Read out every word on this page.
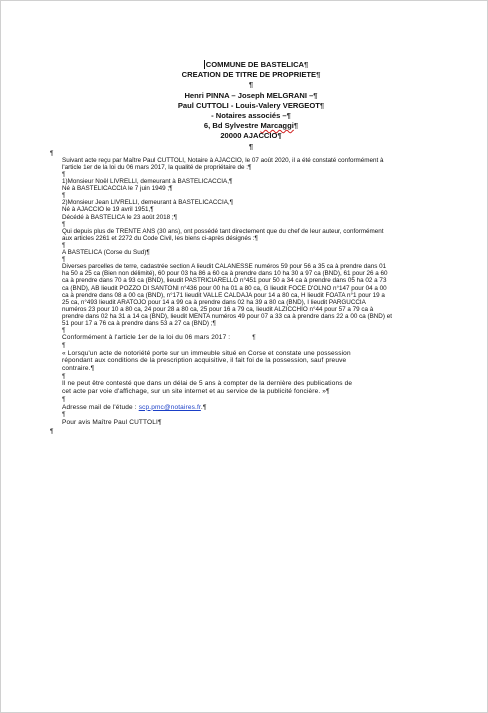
COMMUNE DE BASTELICA¶
CREATION DE TITRE DE PROPRIETE¶
¶
Henri PINNA – Joseph MELGRANI –¶
Paul CUTTOLI - Louis-Valery VERGEOT¶
- Notaires associés –¶
6, Bd Sylvestre Marcaggi¶
20000 AJACCIO¶
¶
¶
Suivant acte reçu par Maître Paul CUTTOLI, Notaire à AJACCIO, le 07 août 2020, il a été constaté conformément à
l'article 1er de la loi du 06 mars 2017, la qualité de propriétaire de :¶
¶
1)Monsieur Noël LIVRELLI, demeurant à BASTELICACCIA,¶
Né à BASTELICACCIA le 7 juin 1949 ;¶
¶
2)Monsieur Jean LIVRELLI, demeurant à BASTELICACCIA,¶
Né à AJACCIO le 19 avril 1951,¶
Décédé à BASTELICA le 23 août 2018 ;¶
¶
Qui depuis plus de TRENTE ANS (30 ans), ont possédé tant directement que du chef de leur auteur, conformément
aux articles 2261 et 2272 du Code Civil, les biens ci-après désignés :¶
¶
A BASTELICA (Corse du Sud)¶
¶
Diverses parcelles de terre, cadastrée section A lieudit CALANESSE numéros 59 pour 56 a 35 ca à prendre dans 01
ha 50 a 25 ca (Bien non délimité), 60 pour 03 ha 86 a 60 ca à prendre dans 10 ha 30 a 97 ca (BND), 61 pour 26 a 60
ca à prendre dans 70 a 93 ca (BND), lieudit PASTRICIARELLO n°451 pour 50 a 34 ca à prendre dans 05 ha 02 a 73
ca (BND), AB lieudit POZZO DI SANTONI n°436 pour 00 ha 01 a 80 ca, G lieudit FOCE D'OLNO n°147 pour 04 a 00
ca à prendre dans 08 a 00 ca (BND), n°171 lieudit VALLE CALDAJA pour 14 a 80 ca, H lieudit FOATA n°1 pour 19 a
25 ca, n°493 lieudit ARATOJO pour 14 a 99 ca à prendre dans 02 ha 39 a 80 ca (BND), I lieudit PARGUCCIA
numéros 23 pour 10 a 80 ca, 24 pour 28 a 80 ca, 25 pour 16 a 79 ca, lieudit ALZICCHIO n°44 pour 57 a 79 ca à
prendre dans 02 ha 31 a 14 ca (BND), lieudit MENTA numéros 49 pour 07 a 33 ca à prendre dans 22 a 00 ca (BND) et
51 pour 17 a 76 ca à prendre dans 53 a 27 ca (BND) ;¶
¶
Conformément à l'article 1er de la loi du 06 mars 2017 :	¶
¶
« Lorsqu'un acte de notoriété porte sur un immeuble situé en Corse et constate une possession
répondant aux conditions de la prescription acquisitive, il fait foi de la possession, sauf preuve
contraire.¶
¶
Il ne peut être contesté que dans un délai de 5 ans à compter de la dernière des publications de
cet acte par voie d'affichage, sur un site internet et au service de la publicité foncière. »¶
¶
Adresse mail de l'étude : scp.pmc@notaires.fr.¶
¶
Pour avis Maître Paul CUTTOLI¶
¶
